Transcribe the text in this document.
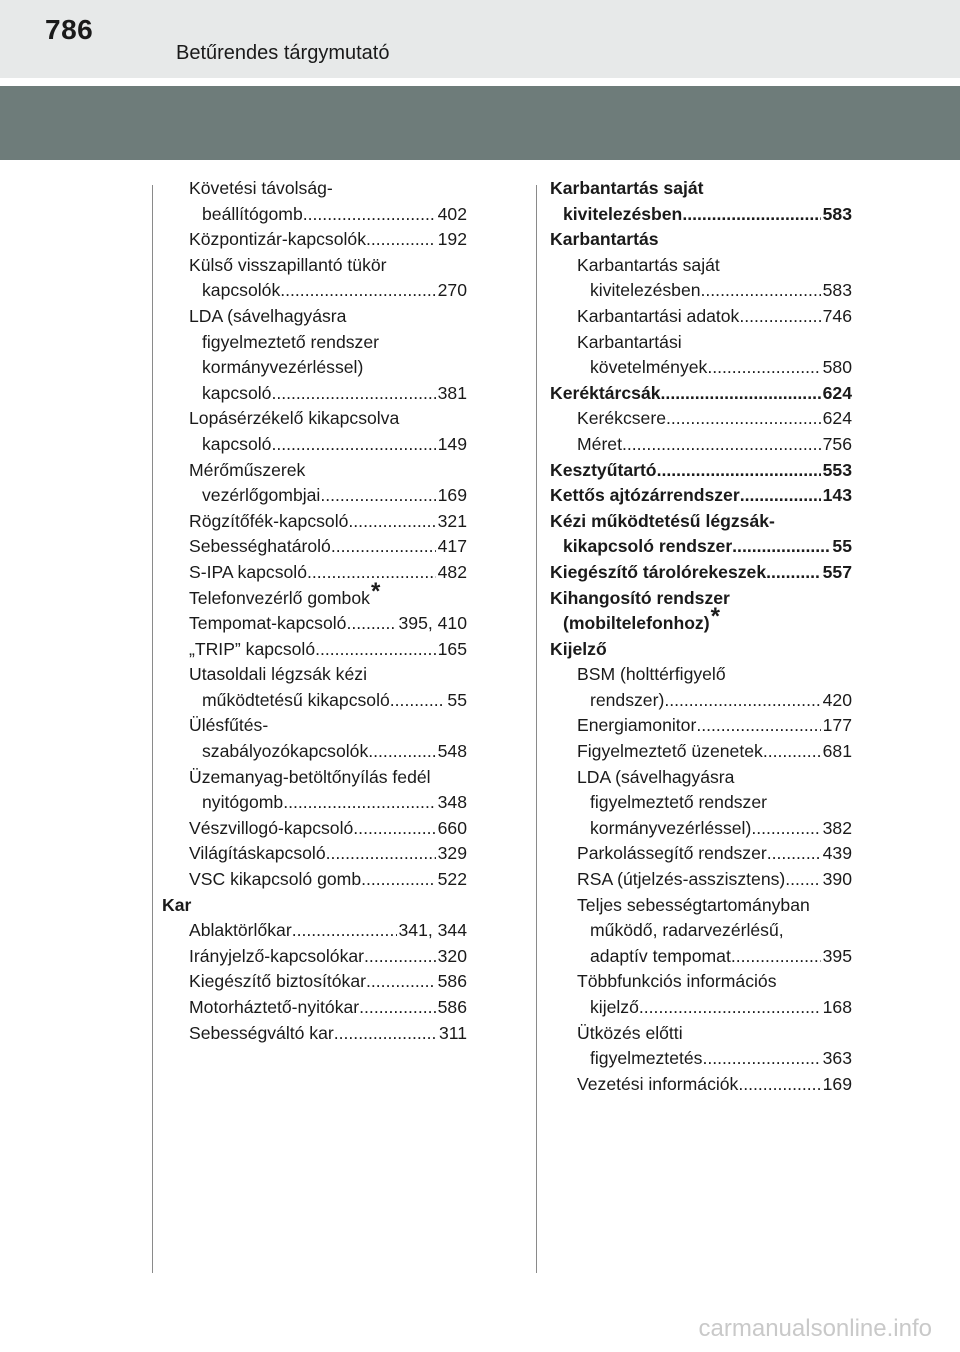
786
Betűrendes tárgymutató
Követési távolság-
beállítógomb .....	402
Központizár-kapcsolók .....	192
Külső visszapillantó tükör
kapcsolók .....	270
LDA (sávelhagyásra
figyelmeztető rendszer
kormányvezérléssel)
kapcsoló .....	381
Lopásérzékelő kikapcsolva
kapcsoló .....	149
Mérőműszerek
vezérlőgombjai .....	169
Rögzítőfék-kapcsoló .....	321
Sebességhatároló .....	417
S-IPA kapcsoló .....	482
Telefonvezérlő gombok*
Tempomat-kapcsoló .....	395, 410
„TRIP” kapcsoló .....	165
Utasoldali légzsák kézi
működtetésű kikapcsoló .....	55
Ülésfűtés-
szabályozókapcsolók .....	548
Üzemanyag-betöltőnyílás fedél
nyitógomb .....	348
Vészvillogó-kapcsoló .....	660
Világításkapcsoló .....	329
VSC kikapcsoló gomb .....	522
Kar
Ablaktörlőkar .....	341, 344
Irányjelző-kapcsolókar .....	320
Kiegészítő biztosítókar .....	586
Motorháztető-nyitókar .....	586
Sebességváltó kar .....	311
Karbantartás saját
kivitelezésben .....	583
Karbantartás
Karbantartás saját
kivitelezésben .....	583
Karbantartási adatok .....	746
Karbantartási
követelmények .....	580
Keréktárcsák .....	624
Kerékcsere .....	624
Méret .....	756
Kesztyűtartó .....	553
Kettős ajtózárrendszer .....	143
Kézi működtetésű légzsák-
kikapcsoló rendszer .....	55
Kiegészítő tárolórekeszek .....	557
Kihangosító rendszer
(mobiltelefonhoz)*
Kijelző
BSM (holttérfigyelő
rendszer) .....	420
Energiamonitor .....	177
Figyelmeztető üzenetek .....	681
LDA (sávelhagyásra
figyelmeztető rendszer
kormányvezérléssel) .....	382
Parkolássegítő rendszer .....	439
RSA (útjelzés-asszisztens) ..... 390
Teljes sebességtartományban
működő, radarvezérlésű,
adaptív tempomat .....	395
Többfunkciós információs
kijelző .....	168
Ütközés előtti
figyelmeztetés .....	363
Vezetési információk .....	169
carmanualsonline.info
